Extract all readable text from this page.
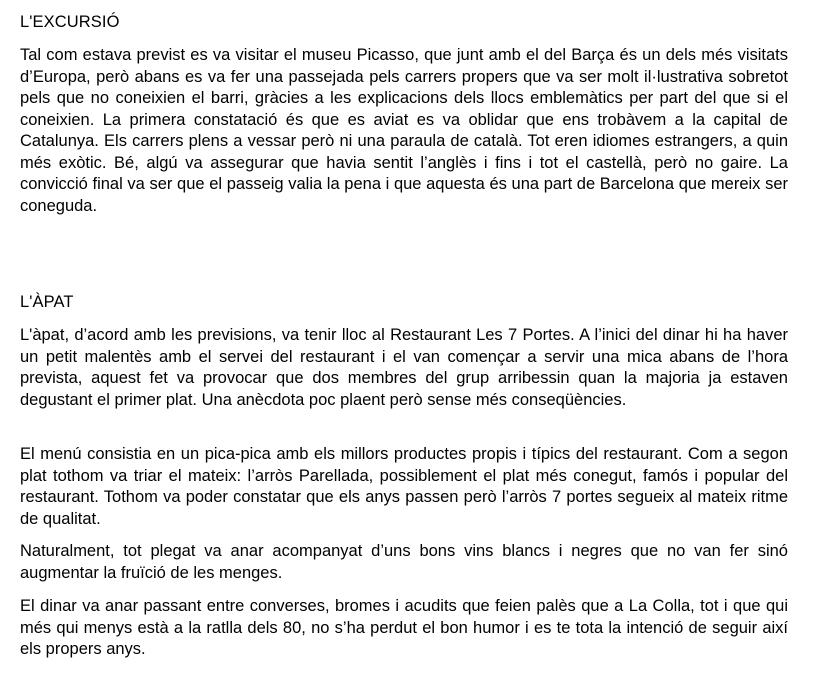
L'EXCURSIÓ

Tal com estava previst es va visitar el museu Picasso, que junt amb el del Barça és un dels més visitats d’Europa, però abans es va fer una passejada pels carrers propers que va ser molt il·lustrativa sobretot pels que no coneixien el barri, gràcies a les explicacions dels llocs emblemàtics per part del que si el coneixien. La primera constatació és que es aviat es va oblidar que ens trobàvem a la capital de Catalunya. Els carrers plens a vessar però ni una paraula de català. Tot eren idiomes estrangers, a quin més exòtic. Bé, algú va assegurar que havia sentit l’anglès i fins i tot el castellà, però no gaire. La convicció final va ser que el passeig valia la pena i que aquesta és una part de Barcelona que mereix ser coneguda.

L'ÀPAT

L'àpat, d’acord amb les previsions, va tenir lloc al Restaurant Les 7 Portes. A l’inici del dinar hi ha haver un petit malentès amb el servei del restaurant i el van començar a servir una mica abans de l’hora prevista, aquest fet va provocar que dos membres del grup arribessin quan la majoria ja estaven degustant el primer plat. Una anècdota poc plaent però sense més conseqüències.

El menú consistia en un pica-pica amb els millors productes propis i típics del restaurant. Com a segon plat tothom va triar el mateix: l’arròs Parellada, possiblement el plat més conegut, famós i popular del restaurant. Tothom va poder constatar que els anys passen però l’arròs 7 portes segueix al mateix ritme de qualitat.

Naturalment, tot plegat va anar acompanyat d’uns bons vins blancs i negres que no van fer sinó augmentar la fruïció de les menges.

El dinar va anar passant entre converses, bromes i acudits que feien palès que a La Colla, tot i que qui més qui menys està a la ratlla dels 80, no s’ha perdut el bon humor i es te tota la intenció de seguir així els propers anys.
